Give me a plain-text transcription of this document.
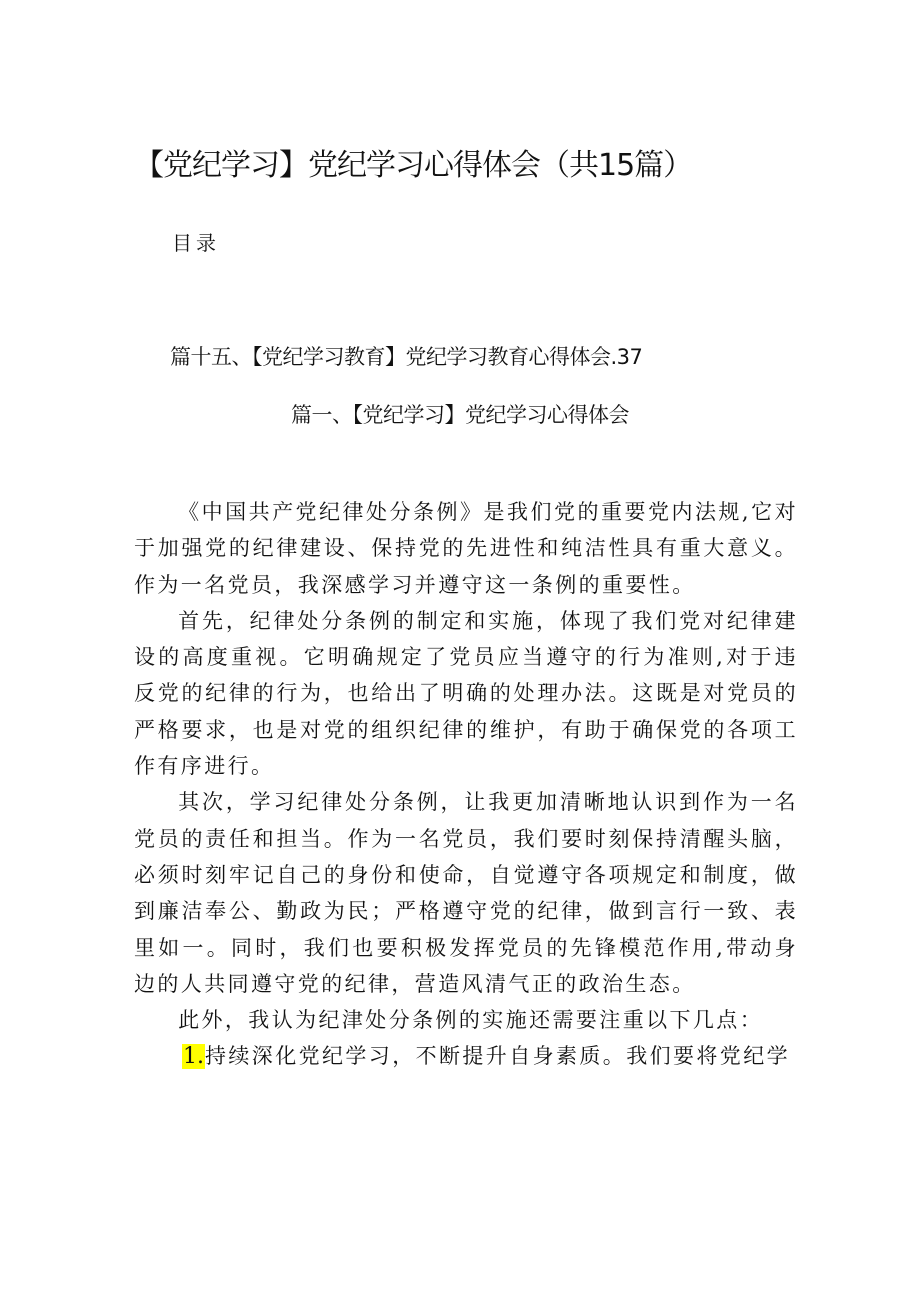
【党纪学习】党纪学习心得体会（共15篇）
目录
篇十五、【党纪学习教育】党纪学习教育心得体会.37
篇一、【党纪学习】党纪学习心得体会

《中国共产党纪律处分条例》是我们党的重要党内法规,它对于加强党的纪律建设、保持党的先进性和纯洁性具有重大意义。作为一名党员，我深感学习并遵守这一条例的重要性。

首先，纪律处分条例的制定和实施，体现了我们党对纪律建设的高度重视。它明确规定了党员应当遵守的行为准则,对于违反党的纪律的行为，也给出了明确的处理办法。这既是对党员的严格要求，也是对党的组织纪律的维护，有助于确保党的各项工作有序进行。

其次，学习纪律处分条例，让我更加清晰地认识到作为一名党员的责任和担当。作为一名党员，我们要时刻保持清醒头脑，必须时刻牢记自己的身份和使命，自觉遵守各项规定和制度，做到廉洁奉公、勤政为民；严格遵守党的纪律，做到言行一致、表里如一。同时，我们也要积极发挥党员的先锋模范作用,带动身边的人共同遵守党的纪律，营造风清气正的政治生态。

此外，我认为纪津处分条例的实施还需要注重以下几点：

1.持续深化党纪学习，不断提升自身素质。我们要将党纪学
